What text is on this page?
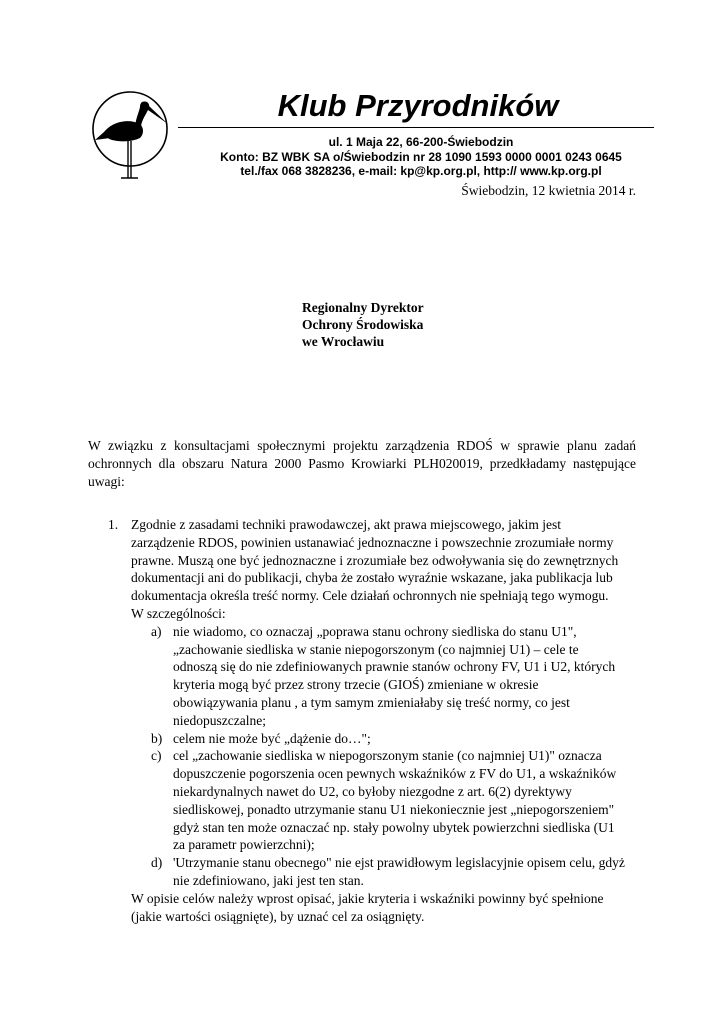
Klub Przyrodników
ul. 1 Maja 22, 66-200-Świebodzin
Konto: BZ WBK SA o/Świebodzin nr 28 1090 1593 0000 0001 0243 0645
tel./fax 068 3828236, e-mail: kp@kp.org.pl, http:// www.kp.org.pl
Świebodzin, 12 kwietnia 2014 r.
Regionalny Dyrektor
Ochrony Środowiska
we Wrocławiu
W związku z konsultacjami społecznymi projektu zarządzenia RDOŚ w sprawie planu zadań ochronnych dla obszaru Natura 2000 Pasmo Krowiarki PLH020019, przedkładamy następujące uwagi:
1. Zgodnie z zasadami techniki prawodawczej, akt prawa miejscowego, jakim jest
zarządzenie RDOS, powinien ustanawiać jednoznaczne i powszechnie zrozumiałe normy
prawne. Muszą one być jednoznaczne i zrozumiałe bez odwoływania się do zewnętrznych
dokumentacji ani do publikacji, chyba że zostało wyraźnie wskazane, jaka publikacja lub
dokumentacja określa treść normy. Cele działań ochronnych nie spełniają tego wymogu.
W szczególności:
a) nie wiadomo, co oznaczaj „poprawa stanu ochrony siedliska do stanu U1",
„zachowanie siedliska w stanie niepogorszonym (co najmniej U1) – cele te
odnoszą się do nie zdefiniowanych prawnie stanów ochrony FV, U1 i U2, których
kryteria mogą być przez strony trzecie (GIOŚ) zmieniane w okresie
obowiązywania planu , a tym samym zmieniałaby się treść normy, co jest
niedopuszczalne;
b) celem nie może być „dążenie do…";
c) cel „zachowanie siedliska w niepogorszonym stanie (co najmniej U1)" oznacza
dopuszczenie pogorszenia ocen pewnych wskaźników z FV do U1, a wskaźników
niekardynalnych nawet do U2, co byłoby niezgodne z art. 6(2) dyrektywy
siedliskowej, ponadto utrzymanie stanu U1 niekoniecznie jest „niepogorszeniem"
gdyż stan ten może oznaczać np. stały powolny ubytek powierzchni siedliska (U1
za parametr powierzchni);
d) 'Utrzymanie stanu obecnego" nie ejst prawidłowym legislacyjnie opisem celu, gdyż
nie zdefiniowano, jaki jest ten stan.
W opisie celów należy wprost opisać, jakie kryteria i wskaźniki powinny być spełnione
(jakie wartości osiągnięte), by uznać cel za osiągnięty.
